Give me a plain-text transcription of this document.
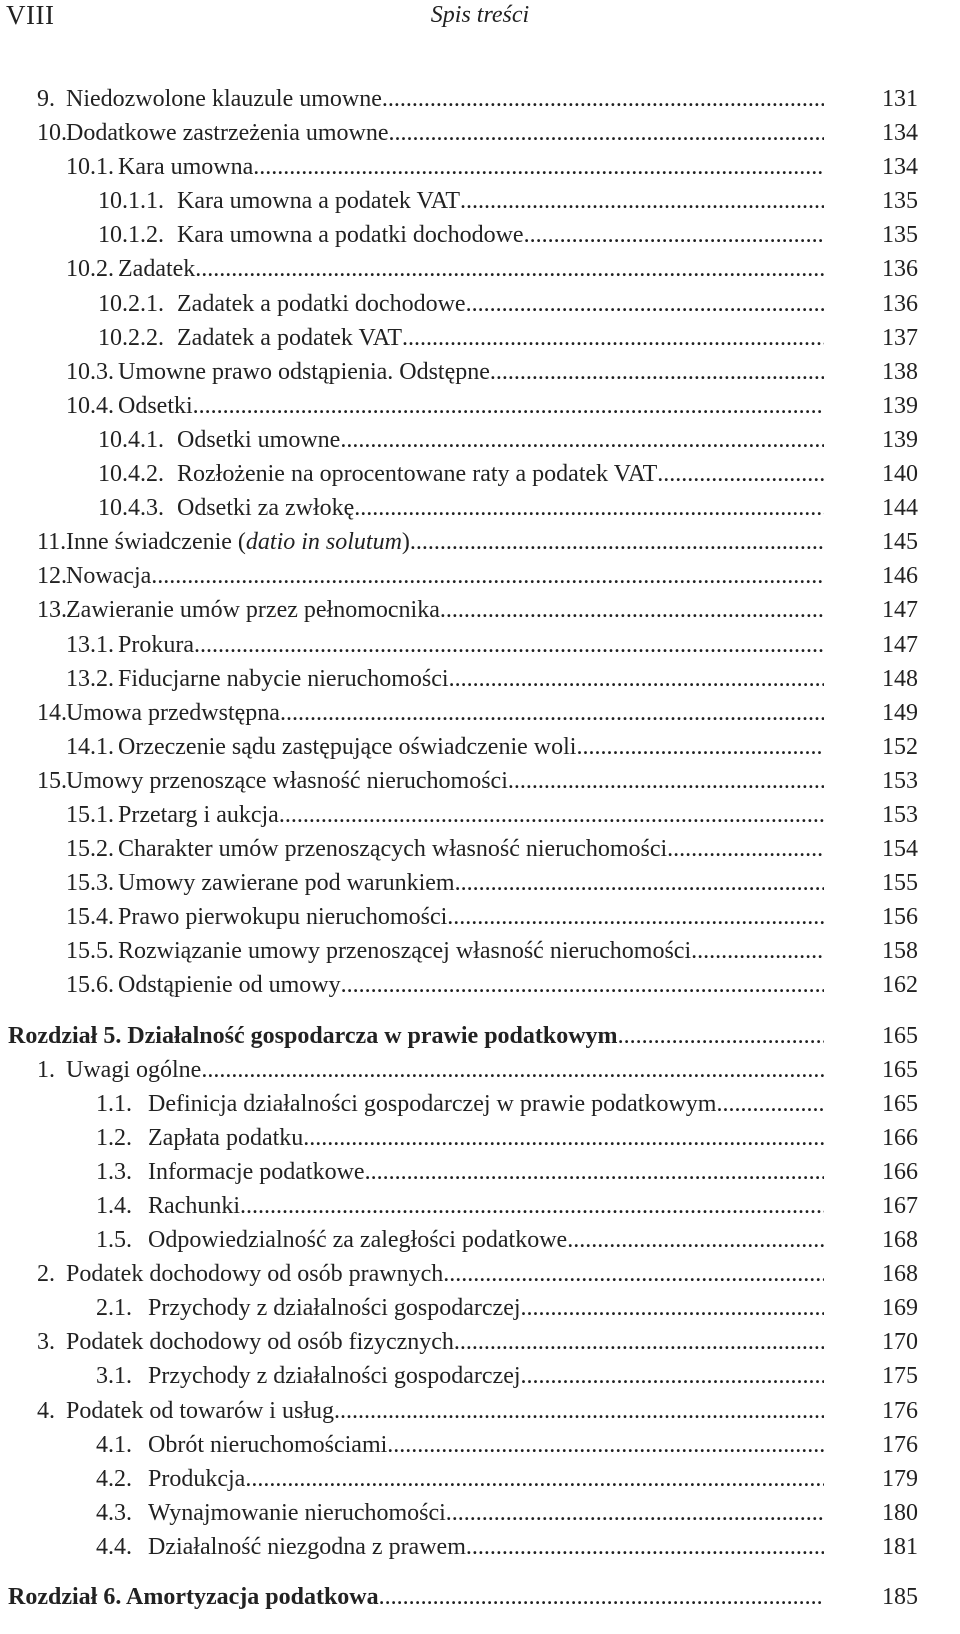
VIII	Spis treści
9. Niedozwolone klauzule umowne .....	131
10. Dodatkowe zastrzeżenia umowne .....	134
10.1. Kara umowna .....	134
10.1.1. Kara umowna a podatek VAT .....	135
10.1.2. Kara umowna a podatki dochodowe .....	135
10.2. Zadatek .....	136
10.2.1. Zadatek a podatki dochodowe .....	136
10.2.2. Zadatek a podatek VAT .....	137
10.3. Umowne prawo odstąpienia. Odstępne .....	138
10.4. Odsetki .....	139
10.4.1. Odsetki umowne .....	139
10.4.2. Rozłożenie na oprocentowane raty a podatek VAT .....	140
10.4.3. Odsetki za zwłokę .....	144
11. Inne świadczenie (datio in solutum) .....	145
12. Nowacja .....	146
13. Zawieranie umów przez pełnomocnika .....	147
13.1. Prokura .....	147
13.2. Fiducjarne nabycie nieruchomości .....	148
14. Umowa przedwstępna .....	149
14.1. Orzeczenie sądu zastępujące oświadczenie woli .....	152
15. Umowy przenoszące własność nieruchomości .....	153
15.1. Przetarg i aukcja .....	153
15.2. Charakter umów przenoszących własność nieruchomości .....	154
15.3. Umowy zawierane pod warunkiem .....	155
15.4. Prawo pierwokupu nieruchomości .....	156
15.5. Rozwiązanie umowy przenoszącej własność nieruchomości .....	158
15.6. Odstąpienie od umowy .....	162
Rozdział 5. Działalność gospodarcza w prawie podatkowym .....	165
1. Uwagi ogólne .....	165
1.1. Definicja działalności gospodarczej w prawie podatkowym .....	165
1.2. Zapłata podatku .....	166
1.3. Informacje podatkowe .....	166
1.4. Rachunki .....	167
1.5. Odpowiedzialność za zaległości podatkowe .....	168
2. Podatek dochodowy od osób prawnych .....	168
2.1. Przychody z działalności gospodarczej .....	169
3. Podatek dochodowy od osób fizycznych .....	170
3.1. Przychody z działalności gospodarczej .....	175
4. Podatek od towarów i usług .....	176
4.1. Obrót nieruchomościami .....	176
4.2. Produkcja .....	179
4.3. Wynajmowanie nieruchomości .....	180
4.4. Działalność niezgodna z prawem .....	181
Rozdział 6. Amortyzacja podatkowa .....	185
